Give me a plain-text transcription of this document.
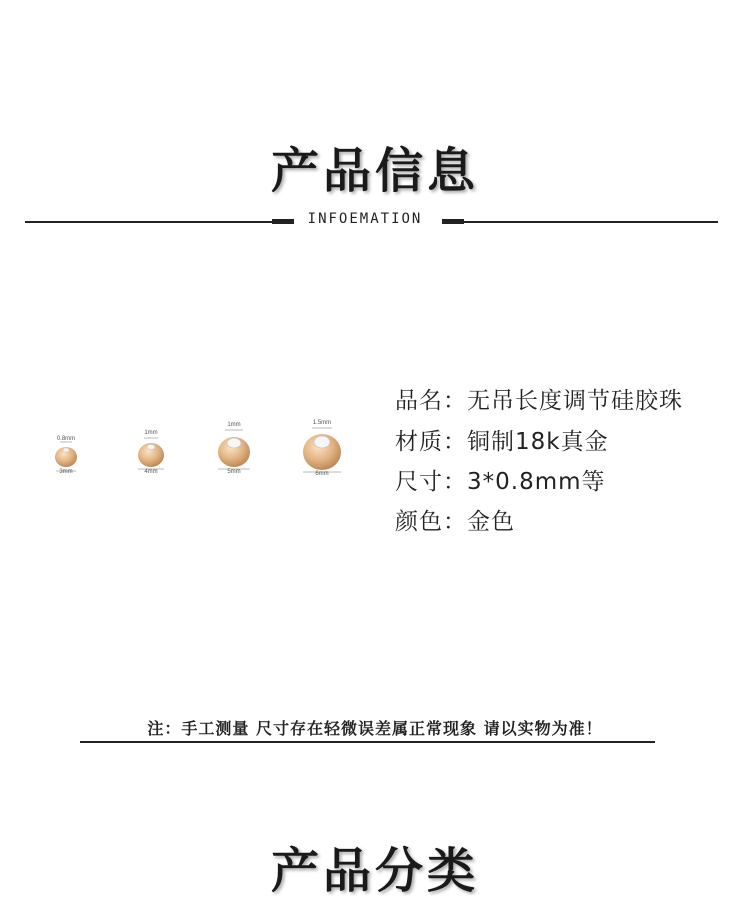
产品信息
INFOEMATION
0.8mm
3mm
1mm
4mm
1mm
5mm
1.5mm
6mm
品名：无吊长度调节硅胶珠
材质：铜制18k真金
尺寸：3*0.8mm等
颜色：金色
注：手工测量 尺寸存在轻微误差属正常现象 请以实物为准！
产品分类
